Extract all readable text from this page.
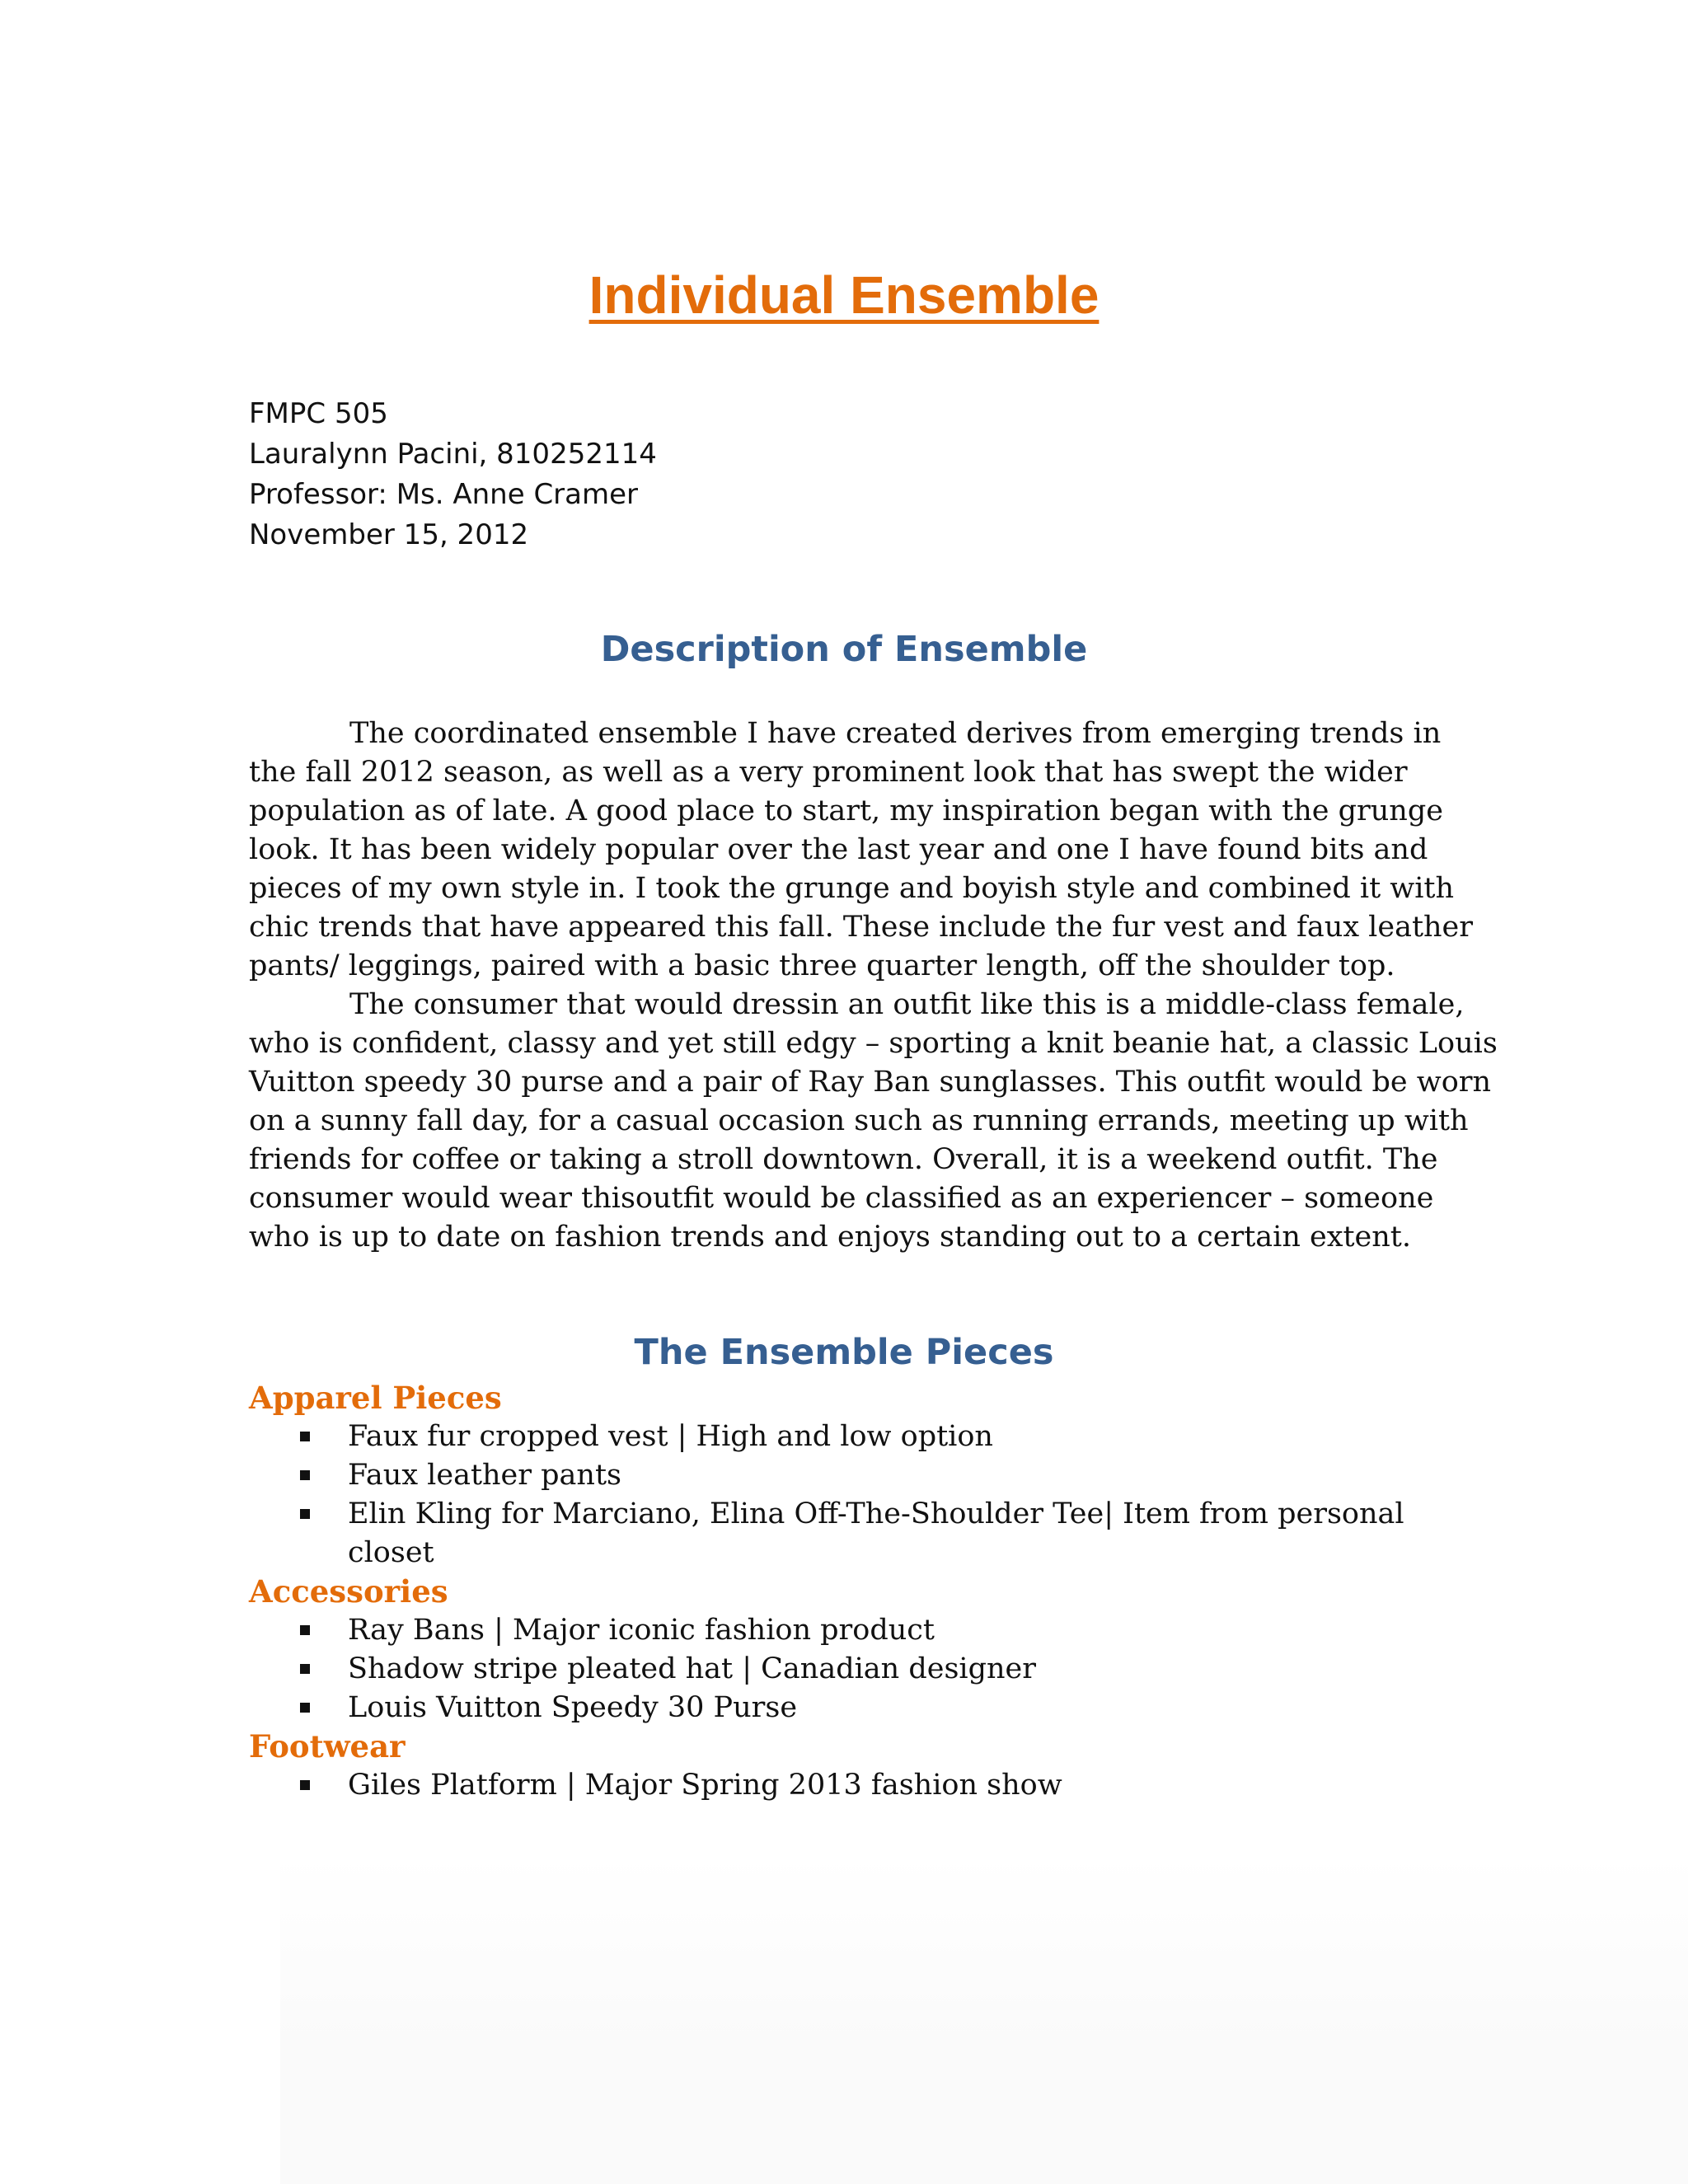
Individual Ensemble
FMPC 505
Lauralynn Pacini, 810252114
Professor: Ms. Anne Cramer
November 15, 2012
Description of Ensemble
The coordinated ensemble I have created derives from emerging trends in
the fall 2012 season, as well as a very prominent look that has swept the wider
population as of late. A good place to start, my inspiration began with the grunge
look. It has been widely popular over the last year and one I have found bits and
pieces of my own style in. I took the grunge and boyish style and combined it with
chic trends that have appeared this fall. These include the fur vest and faux leather
pants/ leggings, paired with a basic three quarter length, off the shoulder top.
The consumer that would dressin an outfit like this is a middle-class female,
who is confident, classy and yet still edgy – sporting a knit beanie hat, a classic Louis
Vuitton speedy 30 purse and a pair of Ray Ban sunglasses. This outfit would be worn
on a sunny fall day, for a casual occasion such as running errands, meeting up with
friends for coffee or taking a stroll downtown. Overall, it is a weekend outfit. The
consumer would wear thisoutfit would be classified as an experiencer – someone
who is up to date on fashion trends and enjoys standing out to a certain extent.
The Ensemble Pieces
Apparel Pieces
Faux fur cropped vest | High and low option
Faux leather pants
Elin Kling for Marciano, Elina Off-The-Shoulder Tee| Item from personal
closet
Accessories
Ray Bans | Major iconic fashion product
Shadow stripe pleated hat | Canadian designer
Louis Vuitton Speedy 30 Purse
Footwear
Giles Platform | Major Spring 2013 fashion show
